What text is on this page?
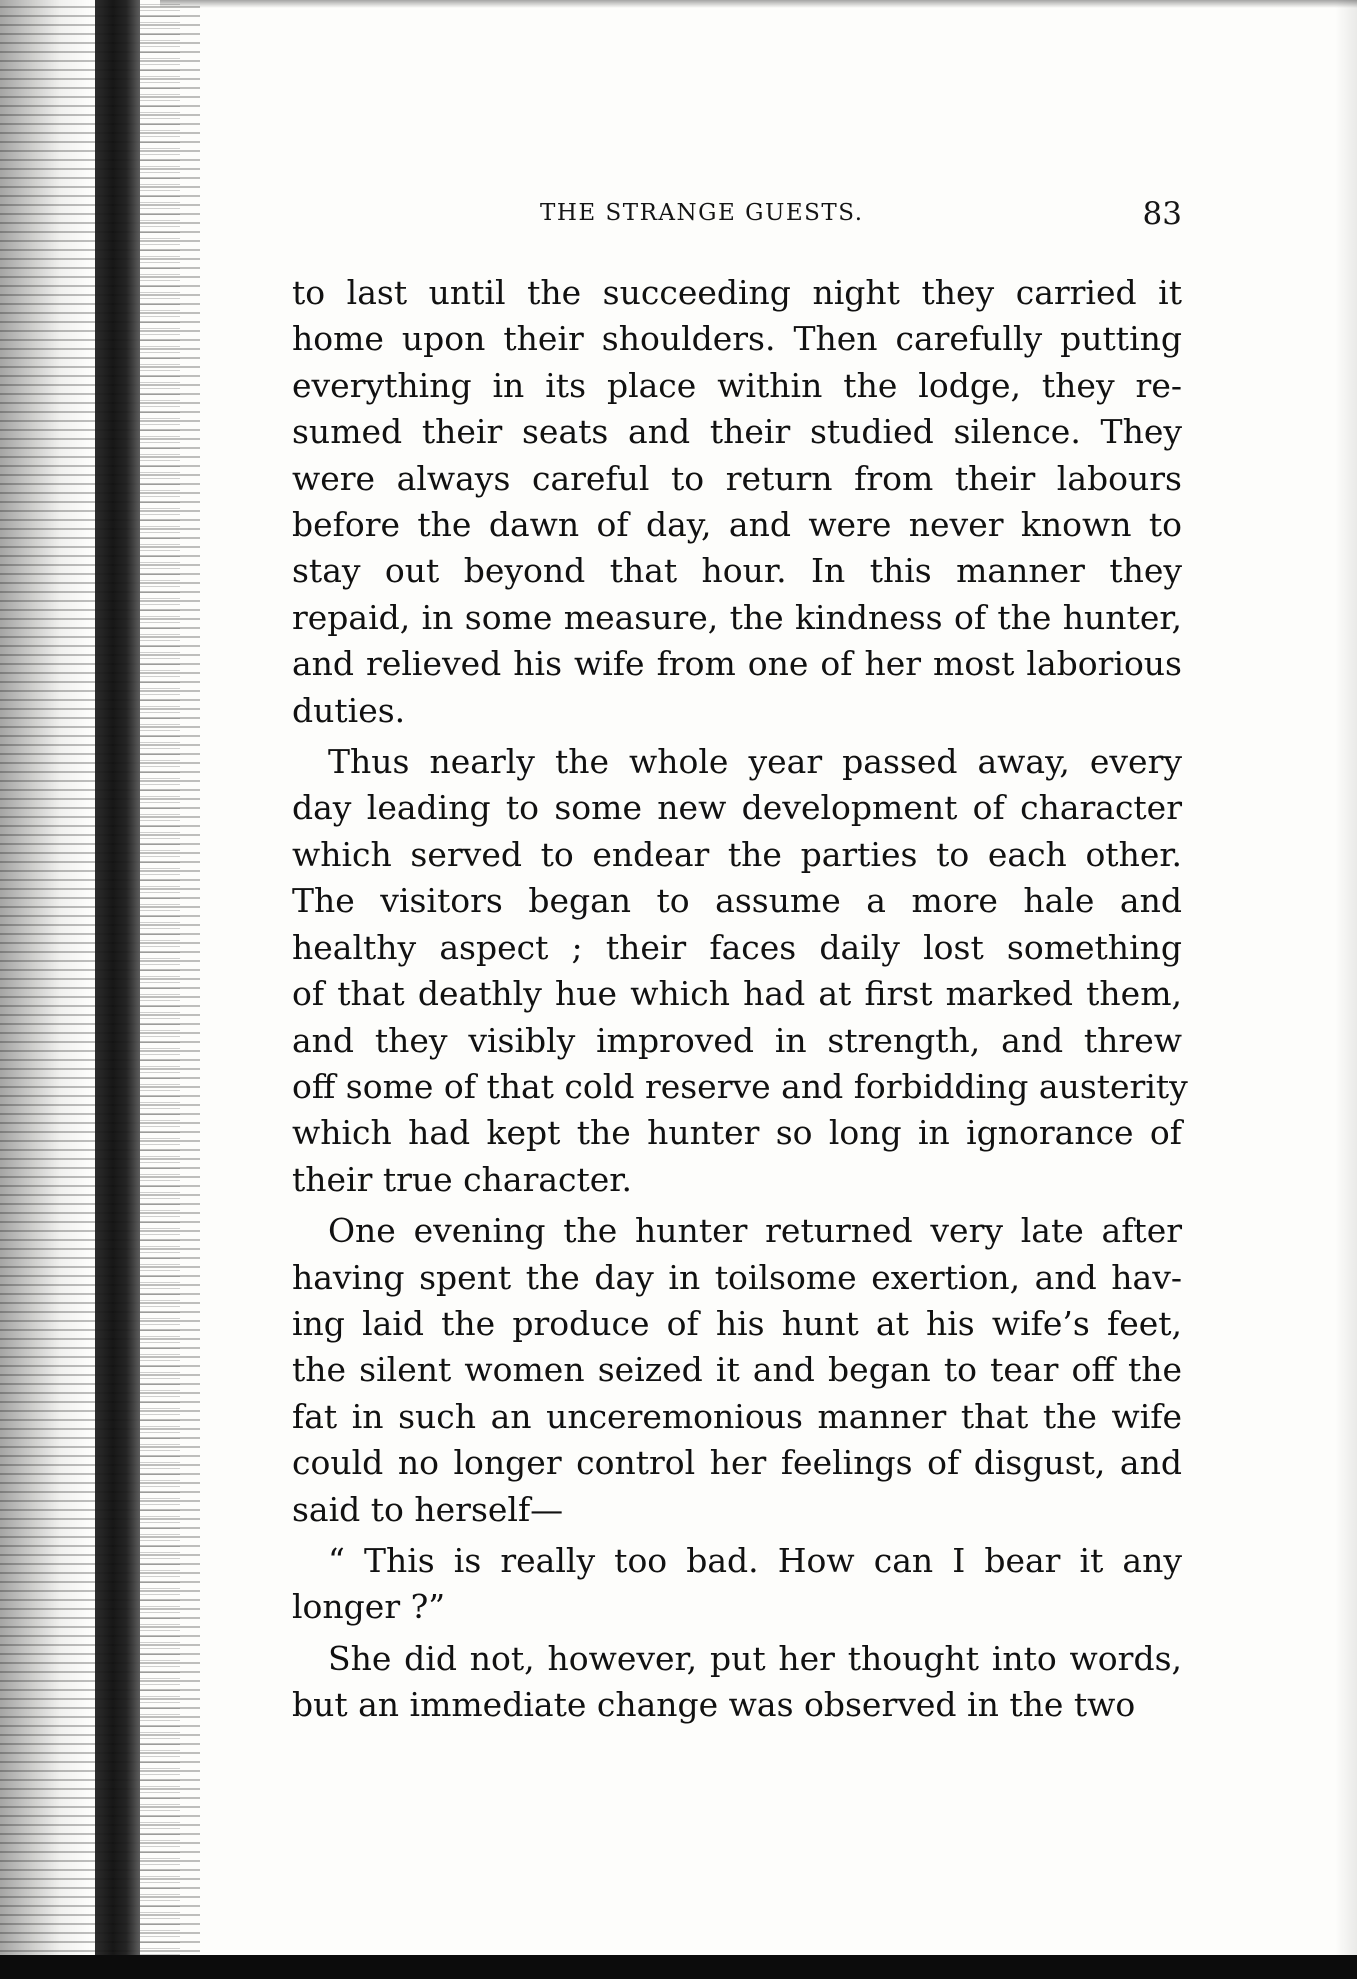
THE STRANGE GUESTS.	83
to last until the succeeding night they carried it
home upon their shoulders. Then carefully putting
everything in its place within the lodge, they re-
sumed their seats and their studied silence. They
were always careful to return from their labours
before the dawn of day, and were never known to
stay out beyond that hour. In this manner they
repaid, in some measure, the kindness of the hunter,
and relieved his wife from one of her most laborious
duties.
Thus nearly the whole year passed away, every
day leading to some new development of character
which served to endear the parties to each other.
The visitors began to assume a more hale and
healthy aspect ; their faces daily lost something
of that deathly hue which had at first marked them,
and they visibly improved in strength, and threw
off some of that cold reserve and forbidding austerity
which had kept the hunter so long in ignorance of
their true character.
One evening the hunter returned very late after
having spent the day in toilsome exertion, and hav-
ing laid the produce of his hunt at his wife’s feet,
the silent women seized it and began to tear off the
fat in such an unceremonious manner that the wife
could no longer control her feelings of disgust, and
said to herself—
“ This is really too bad. How can I bear it any
longer ?”
She did not, however, put her thought into words,
but an immediate change was observed in the two
